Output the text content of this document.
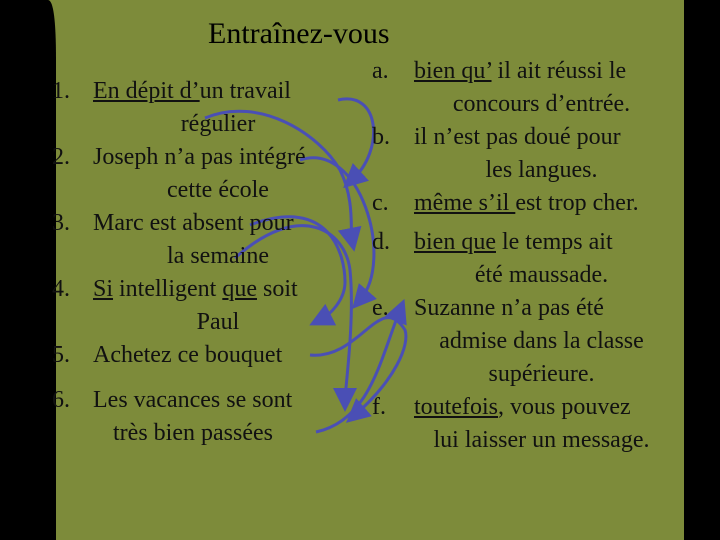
Entraînez-vous
1. En dépit d’un travail
régulier
2. Joseph n’a pas intégré
cette école
3. Marc est absent pour
la semaine
4. Si intelligent que soit
Paul
5. Achetez ce bouquet
6. Les vacances se sont
très bien passées
a. bien qu’ il ait réussi le
concours d’entrée.
b. il n’est pas doué pour
les langues.
c. même s’il est trop cher.
d. bien que le temps ait
été maussade.
e. Suzanne n’a pas été
admise dans la classe
supérieure.
f. toutefois, vous pouvez
lui laisser un message.
